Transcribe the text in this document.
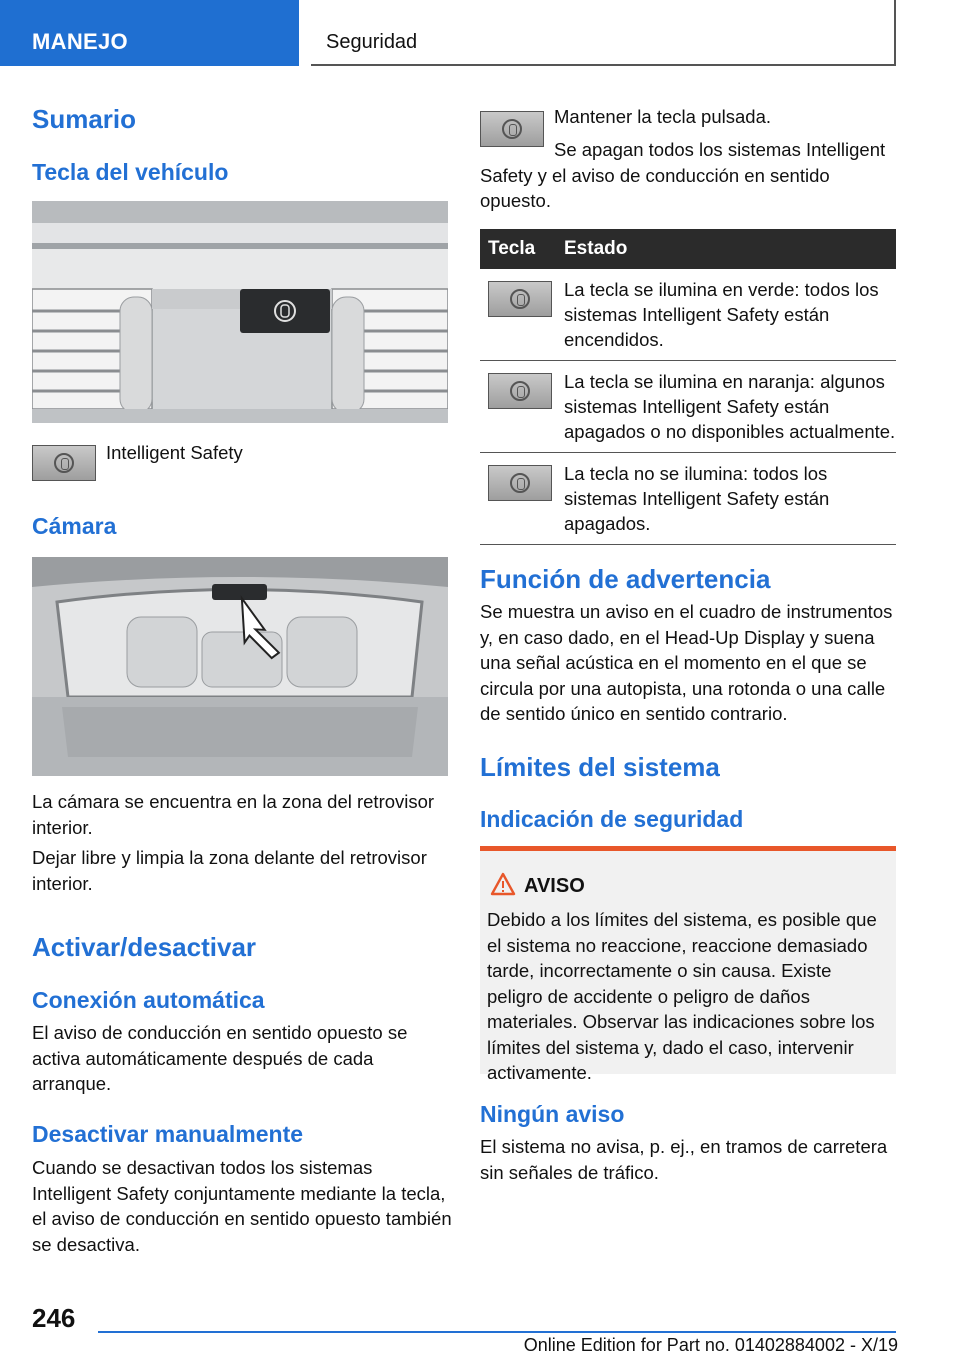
MANEJO	Seguridad
Sumario
Tecla del vehículo
Intelligent Safety
Cámara
La cámara se encuentra en la zona del retrovisor interior.
Dejar libre y limpia la zona delante del retrovisor interior.
Activar/desactivar
Conexión automática
El aviso de conducción en sentido opuesto se activa automáticamente después de cada arranque.
Desactivar manualmente
Cuando se desactivan todos los sistemas Intelligent Safety conjuntamente mediante la tecla, el aviso de conducción en sentido opuesto también se desactiva.
Mantener la tecla pulsada.
Se apagan todos los sistemas Intelligent Safety y el aviso de conducción en sentido opuesto.
Tecla	Estado

	La tecla se ilumina en verde: todos los sistemas Intelligent Safety están encendidos.

	La tecla se ilumina en naranja: algunos sistemas Intelligent Safety están apagados o no disponibles actualmente.

	La tecla no se ilumina: todos los sistemas Intelligent Safety están apagados.
Función de advertencia
Se muestra un aviso en el cuadro de instrumentos y, en caso dado, en el Head-Up Display y suena una señal acústica en el momento en el que se circula por una autopista, una rotonda o una calle de sentido único en sentido contrario.
Límites del sistema
Indicación de seguridad
AVISO
Debido a los límites del sistema, es posible que el sistema no reaccione, reaccione demasiado tarde, incorrectamente o sin causa. Existe peligro de accidente o peligro de daños materiales. Observar las indicaciones sobre los límites del sistema y, dado el caso, intervenir activamente.
Ningún aviso
El sistema no avisa, p. ej., en tramos de carretera sin señales de tráfico.
246
Online Edition for Part no. 01402884002 - X/19
